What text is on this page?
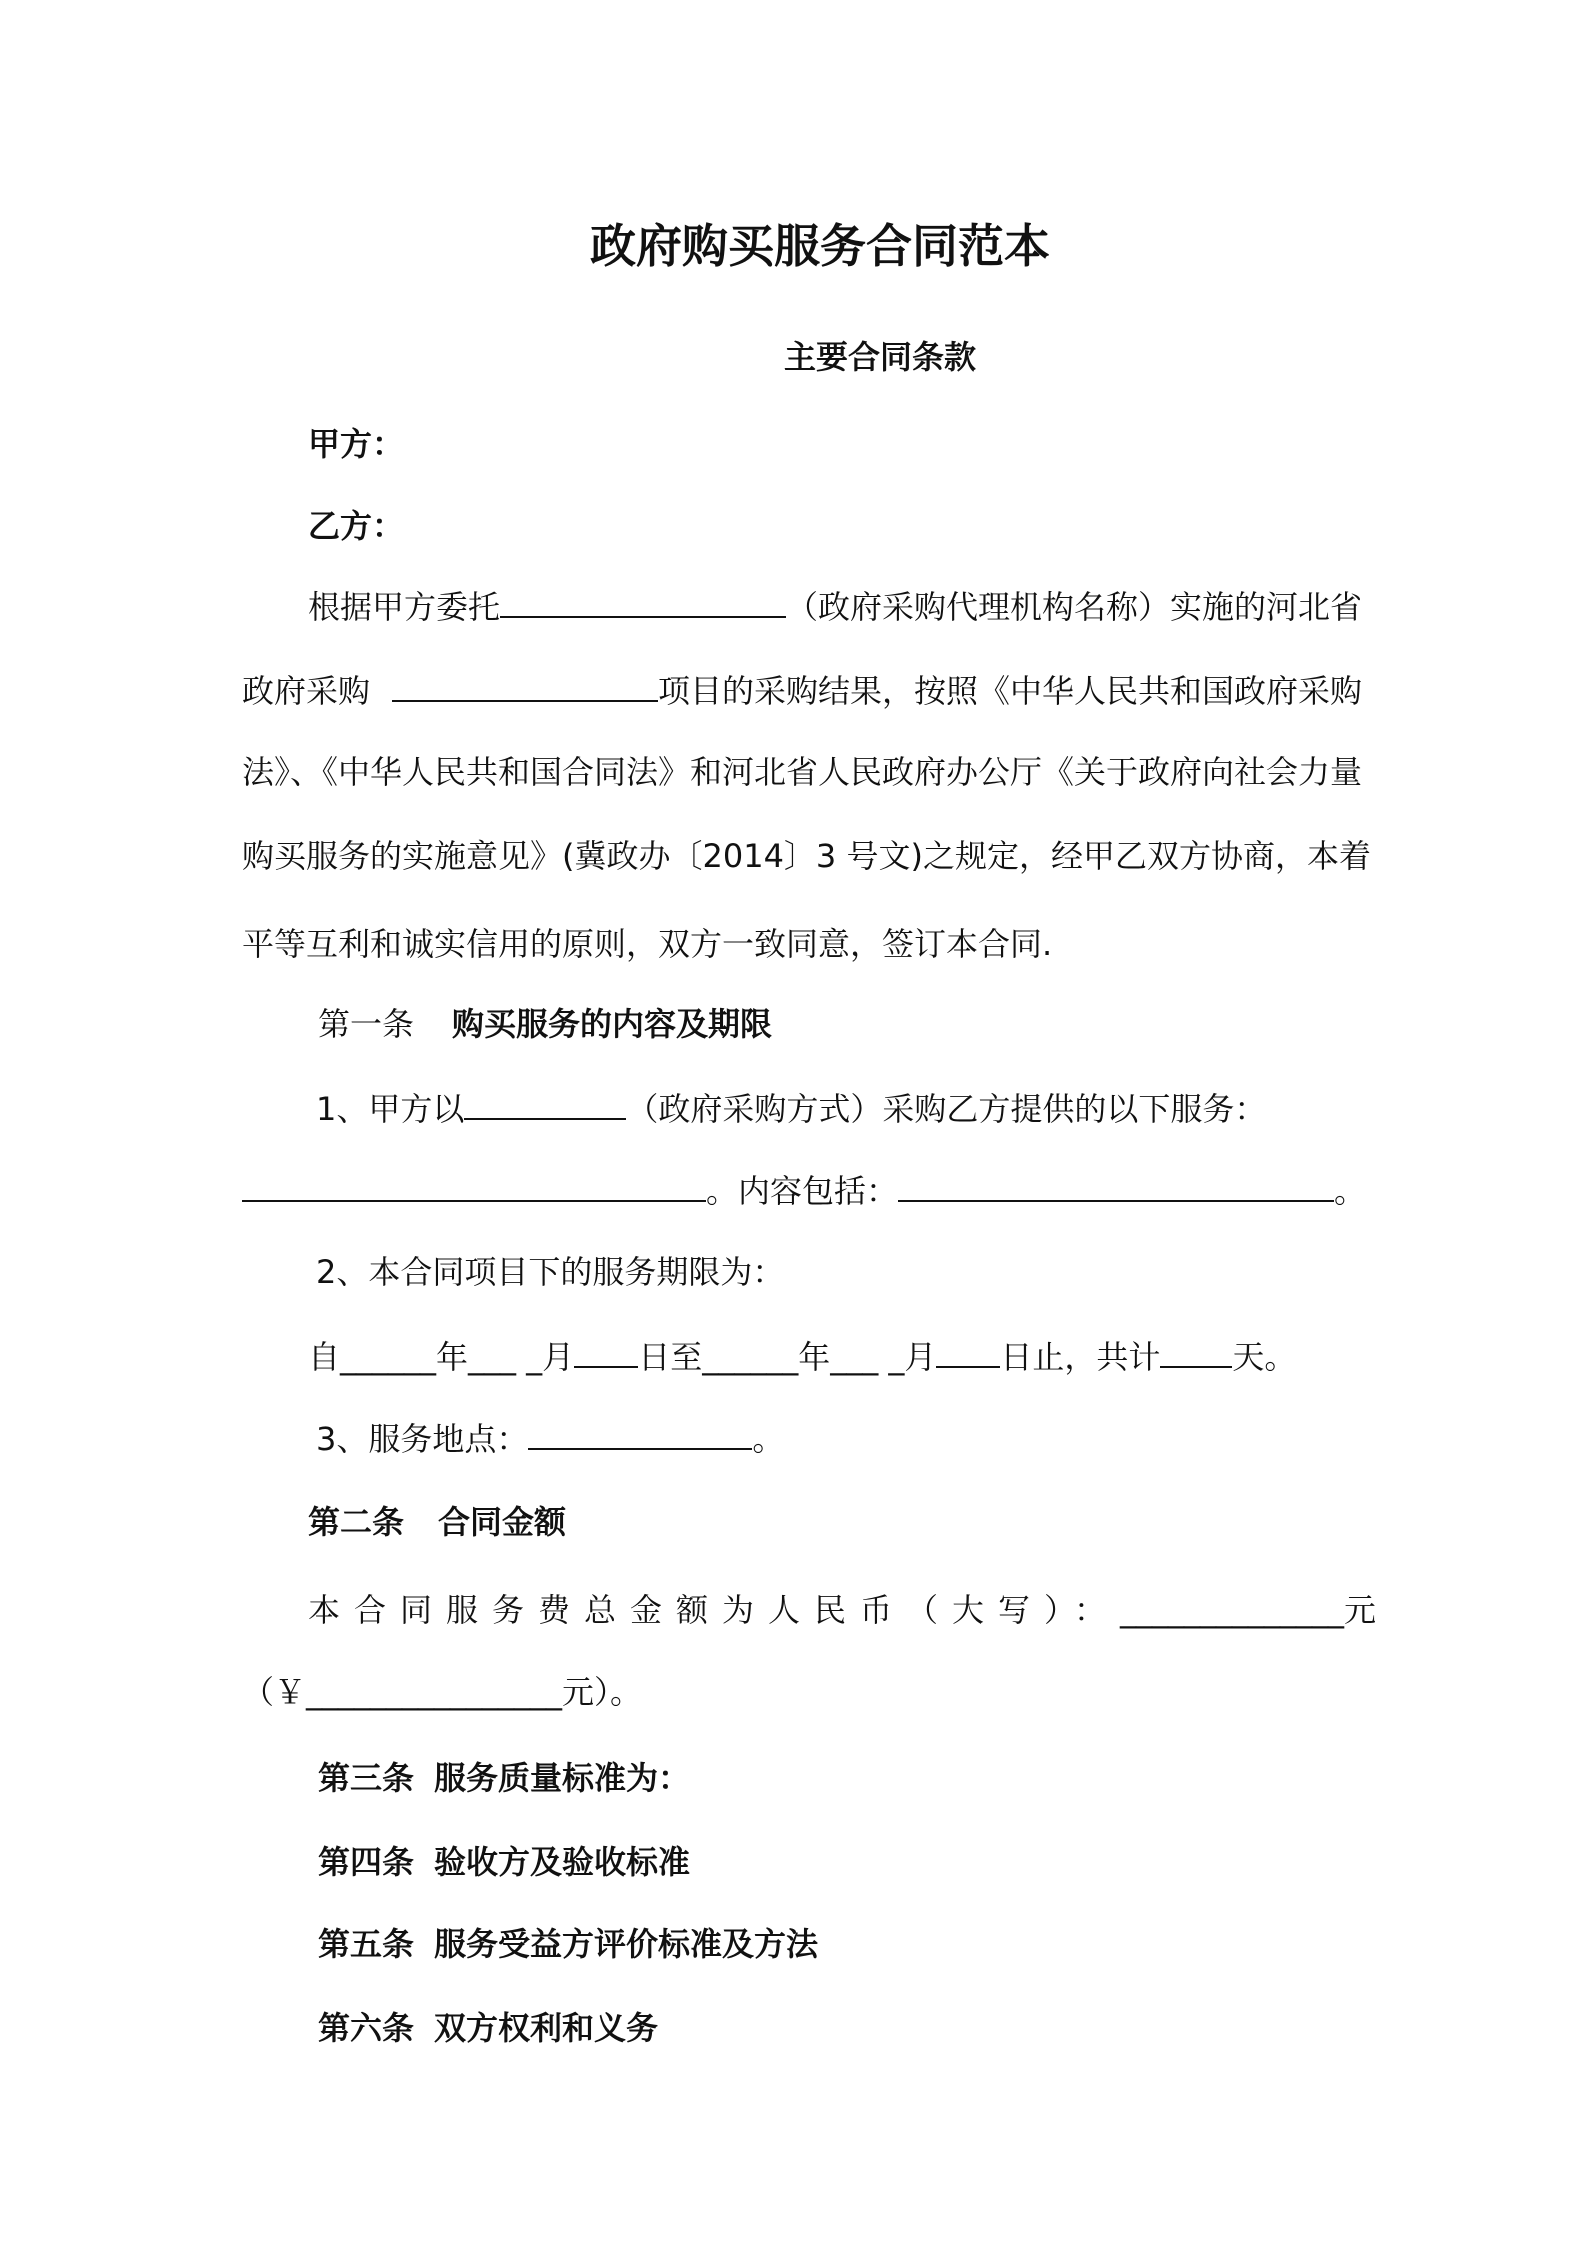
政府购买服务合同范本
主要合同条款
甲方：
乙方：
根据甲方委托	（政府采购代理机构名称）实施的河北省
政府采购	项目的采购结果，按照《中华人民共和国政府采购
法》、《中华人民共和国合同法》和河北省人民政府办公厅《关于政府向社会力量
购买服务的实施意见》(冀政办〔2014〕3 号文)之规定，经甲乙双方协商，本着
平等互利和诚实信用的原则，双方一致同意，签订本合同.
第一条 购买服务的内容及期限
1、甲方以	（政府采购方式）采购乙方提供的以下服务：
。内容包括：	。
2、本合同项目下的服务期限为：
自______年___ _月 日至______年___ _月 日止，共计 天。
3、服务地点：	。
第二条 合同金额
本合同服务费总金额为人民币（大写）：______________元
（￥________________元）。
第三条 服务质量标准为：
第四条 验收方及验收标准
第五条 服务受益方评价标准及方法
第六条 双方权利和义务
